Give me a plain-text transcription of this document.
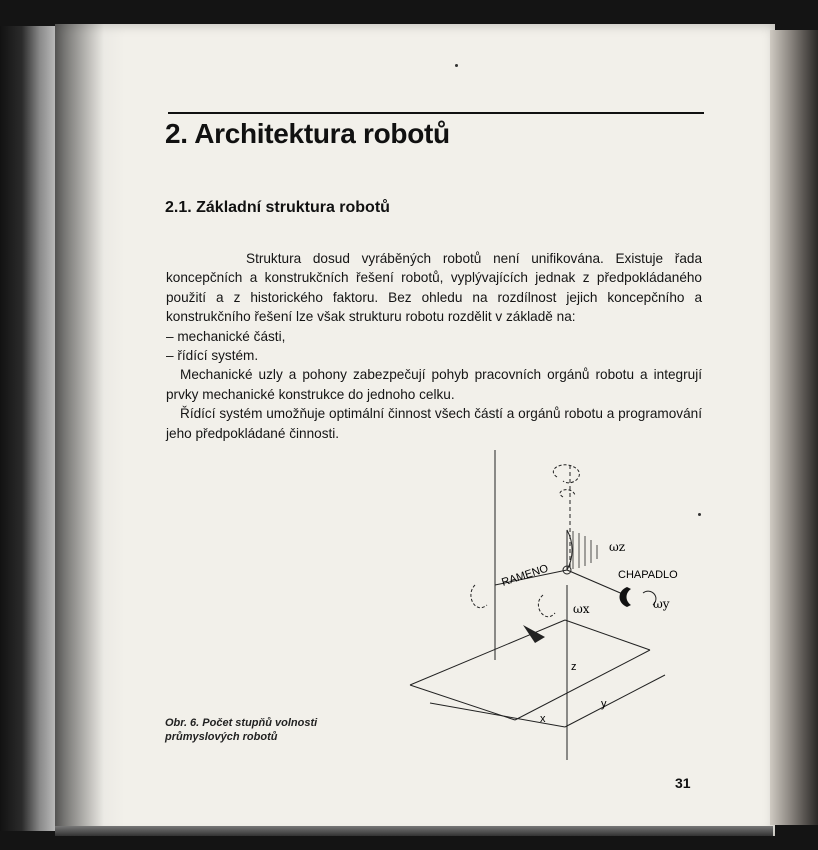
2. Architektura robotů
2.1. Základní struktura robotů

Struktura dosud vyráběných robotů není unifikována. Existuje řada koncepčních a konstrukčních řešení robotů, vyplývajících jednak z předpokládaného použití a z historického faktoru. Bez ohledu na rozdílnost jejich koncepčního a konstrukčního řešení lze však strukturu robotu rozdělit v základě na:

– mechanické části,
– řídící systém.

Mechanické uzly a pohony zabezpečují pohyb pracovních orgánů robotu a integrují prvky mechanické konstrukce do jednoho celku.

Řídící systém umožňuje optimální činnost všech částí a orgánů robotu a programování jeho předpokládané činnosti.

RAMENO	CHAPADLO
ωz
ωx	ωy
z
x
y
Obr. 6. Počet stupňů volnosti
průmyslových robotů
31
